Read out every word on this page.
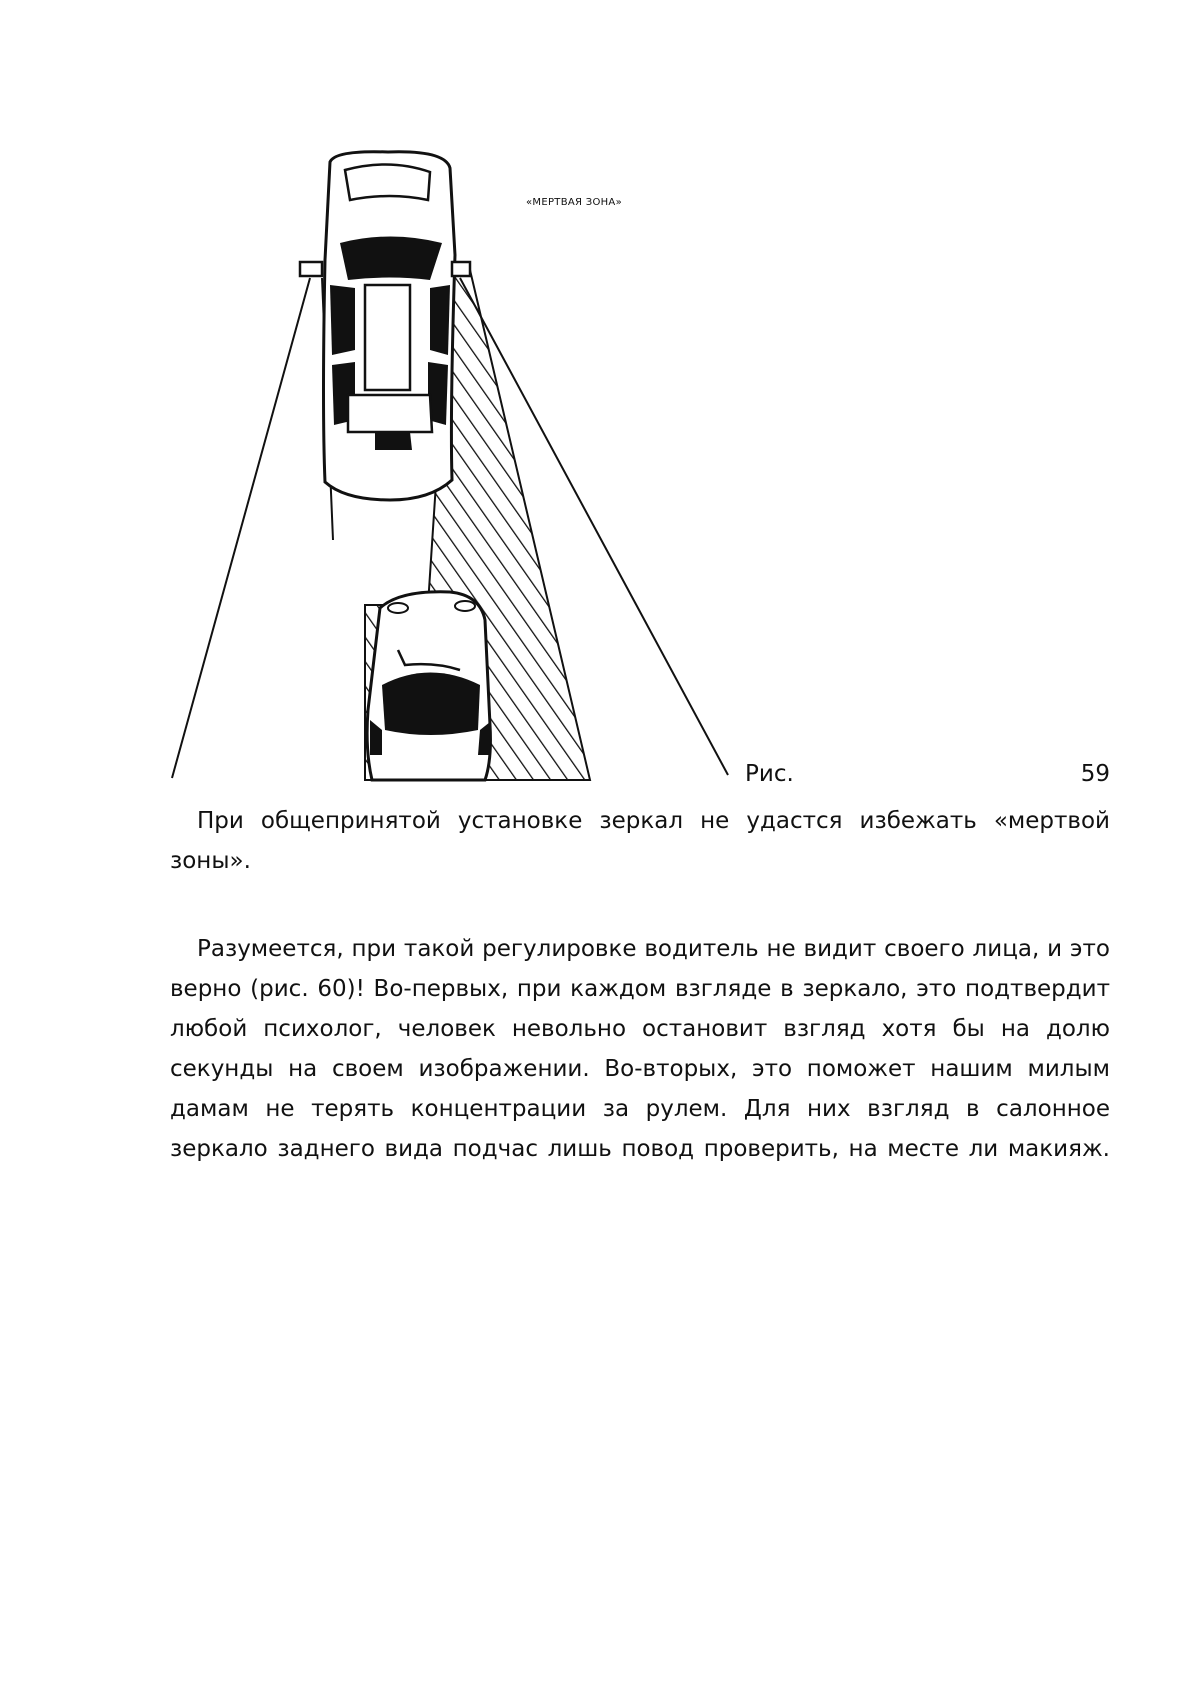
«МЕРТВАЯ ЗОНА»
Рис.	59

При общепринятой установке зеркал не удастся избежать «мертвой

зоны».

Разумеется, при такой регулировке водитель не видит своего лица, и это верно (рис. 60)! Во-первых, при каждом взгляде в зеркало, это подтвердит любой психолог, человек невольно остановит взгляд хотя бы на долю секунды на своем изображении. Во-вторых, это поможет нашим милым дамам не терять концентрации за рулем. Для них взгляд в салонное зеркало заднего вида подчас лишь повод проверить, на месте ли макияж.
